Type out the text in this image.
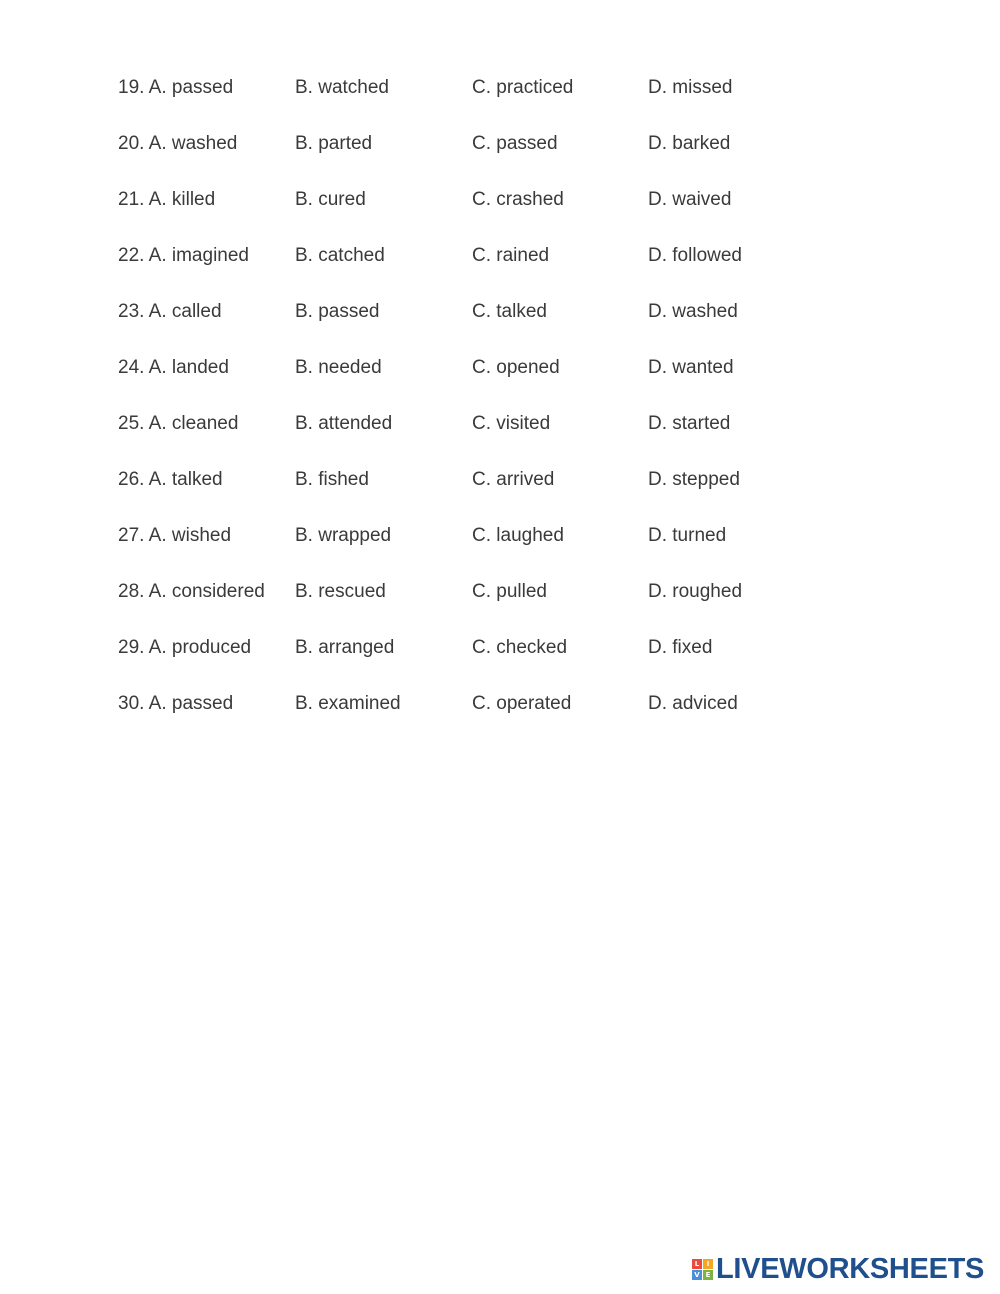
19. A. passed	B. watched	C. practiced	D. missed
20. A. washed	B. parted	C. passed	D. barked
21. A. killed	B. cured	C. crashed	D. waived
22. A. imagined	B. catched	C. rained	D. followed
23. A. called	B. passed	C. talked	D. washed
24. A. landed	B. needed	C. opened	D. wanted
25. A. cleaned	B. attended	C. visited	D. started
26. A. talked	B. fished	C. arrived	D. stepped
27. A. wished	B. wrapped	C. laughed	D. turned
28. A. considered	B. rescued	C. pulled	D. roughed
29. A. produced	B. arranged	C. checked	D. fixed
30. A. passed	B. examined	C. operated	D. adviced
L	I
V E LIVEWORKSHEETS
